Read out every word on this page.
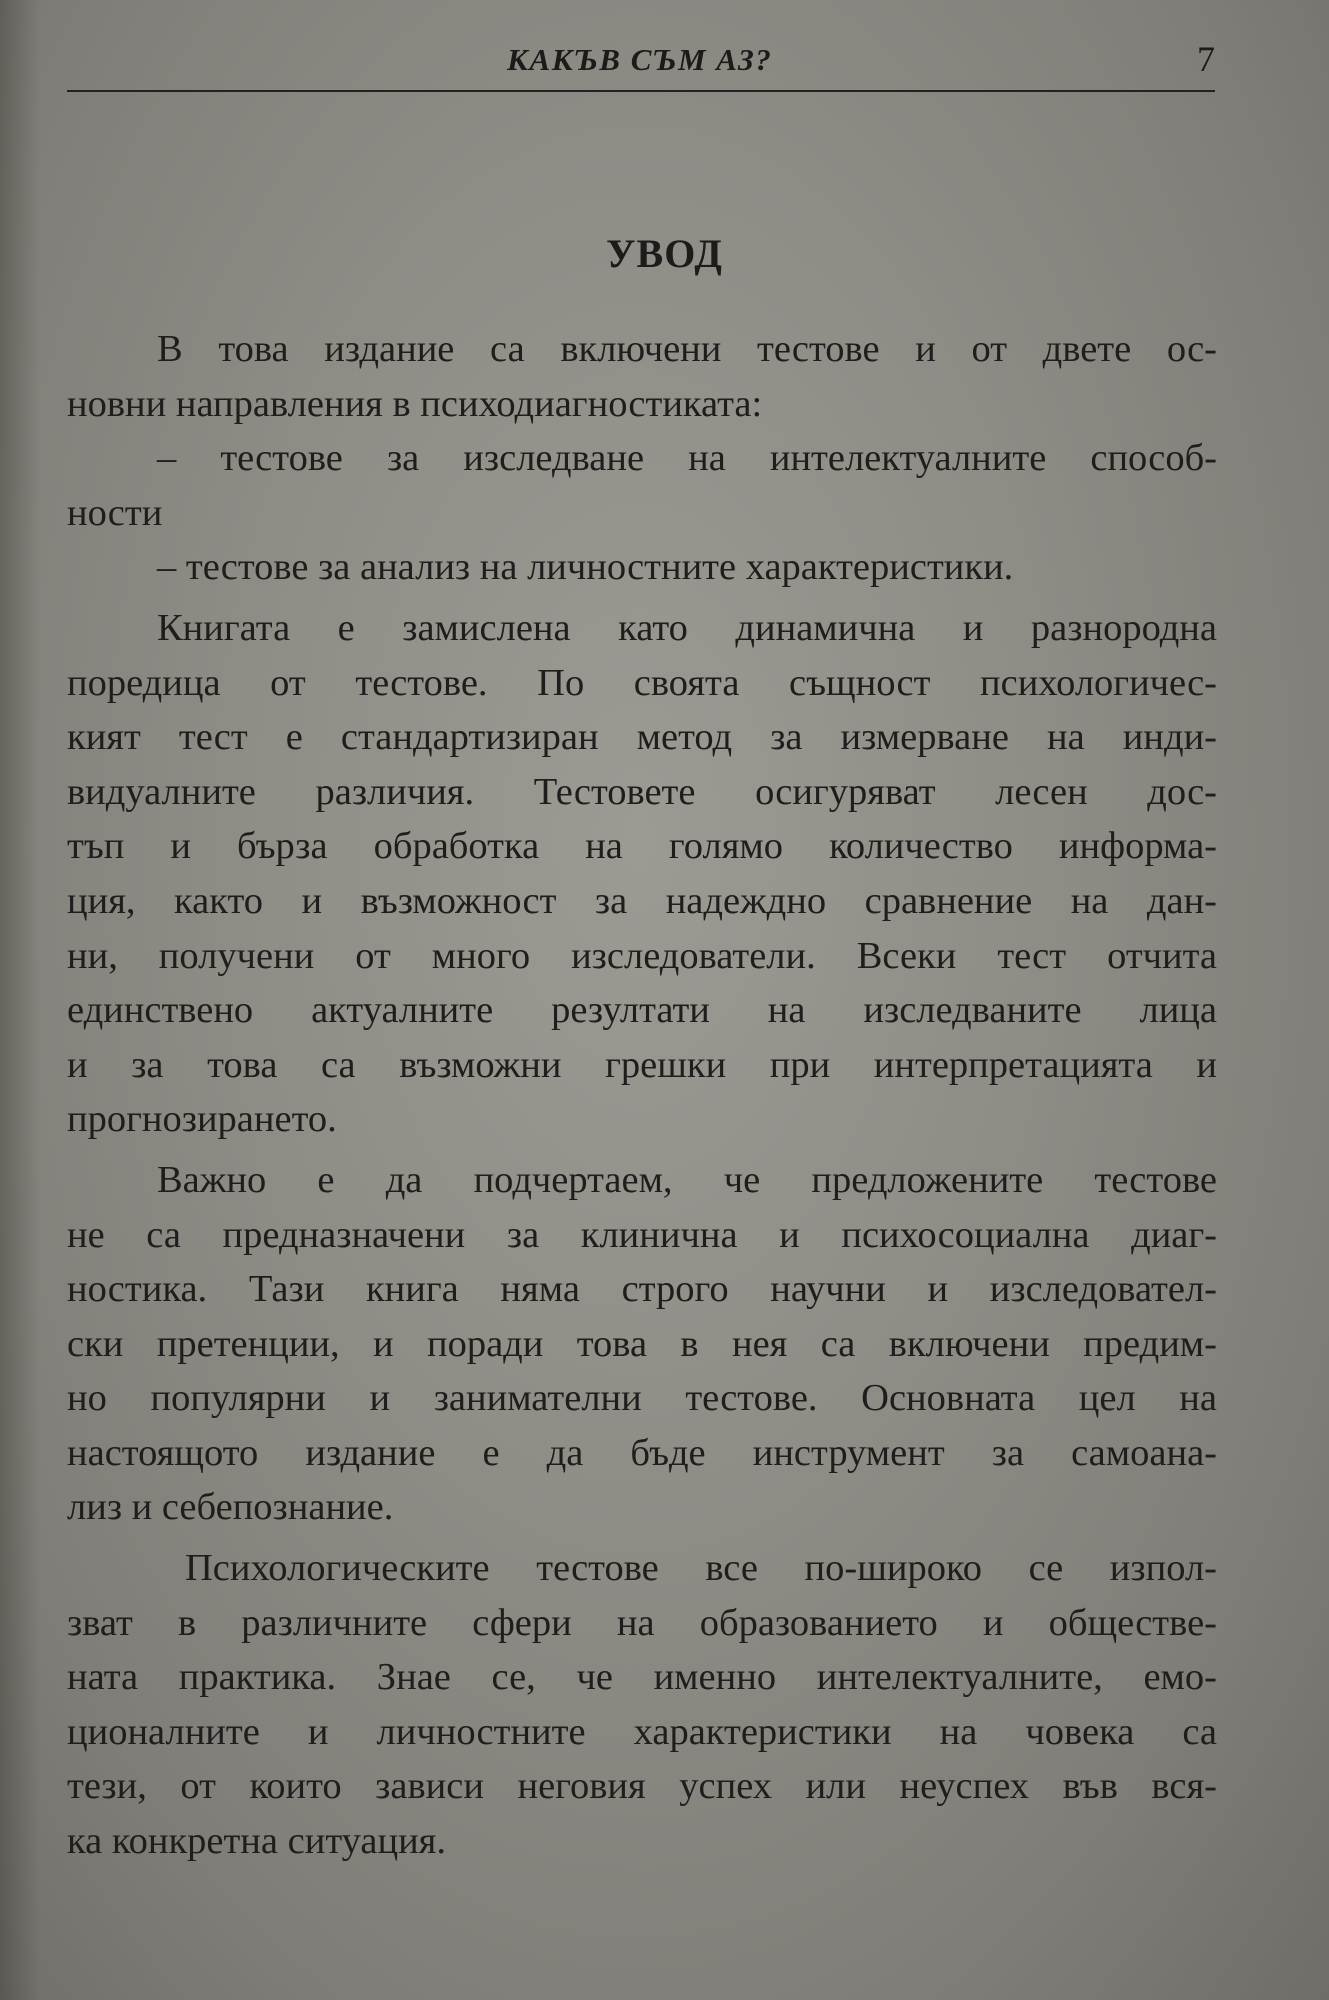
КАКЪВ СЪМ АЗ?	7
УВОД
В това издание са включени тестове и от двете ос-
новни направления в психодиагностиката:
– тестове за изследване на интелектуалните способ-
ности
– тестове за анализ на личностните характеристики.
Книгата е замислена като динамична и разнородна
поредица от тестове. По своята същност психологичес-
кият тест е стандартизиран метод за измерване на инди-
видуалните различия. Тестовете осигуряват лесен дос-
тъп и бърза обработка на голямо количество информа-
ция, както и възможност за надеждно сравнение на дан-
ни, получени от много изследователи. Всеки тест отчита
единствено актуалните резултати на изследваните лица
и за това са възможни грешки при интерпретацията и
прогнозирането.
Важно е да подчертаем, че предложените тестове
не са предназначени за клинична и психосоциална диаг-
ностика. Тази книга няма строго научни и изследовател-
ски претенции, и поради това в нея са включени предим-
но популярни и занимателни тестове. Основната цел на
настоящото издание е да бъде инструмент за самоана-
лиз и себепознание.
Психологическите тестове все по-широко се изпол-
зват в различните сфери на образованието и обществе-
ната практика. Знае се, че именно интелектуалните, емо-
ционалните и личностните характеристики на човека са
тези, от които зависи неговия успех или неуспех във вся-
ка конкретна ситуация.
